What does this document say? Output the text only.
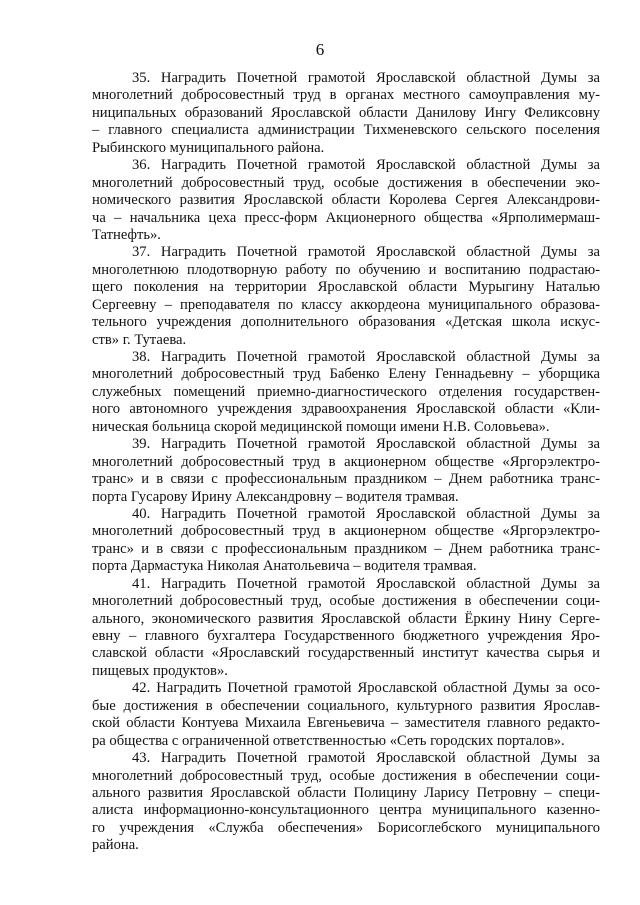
6
35. Наградить Почетной грамотой Ярославской областной Думы за
многолетний добросовестный труд в органах местного самоуправления му-
ниципальных образований Ярославской области Данилову Ингу Феликсовну
– главного специалиста администрации Тихменевского сельского поселения
Рыбинского муниципального района.
36. Наградить Почетной грамотой Ярославской областной Думы за
многолетний добросовестный труд, особые достижения в обеспечении эко-
номического развития Ярославской области Королева Сергея Александрови-
ча – начальника цеха пресс-форм Акционерного общества «Ярполимермаш-
Татнефть».
37. Наградить Почетной грамотой Ярославской областной Думы за
многолетнюю плодотворную работу по обучению и воспитанию подрастаю-
щего поколения на территории Ярославской области Мурыгину Наталью
Сергеевну – преподавателя по классу аккордеона муниципального образова-
тельного учреждения дополнительного образования «Детская школа искус-
ств» г. Тутаева.
38. Наградить Почетной грамотой Ярославской областной Думы за
многолетний добросовестный труд Бабенко Елену Геннадьевну – уборщика
служебных помещений приемно-диагностического отделения государствен-
ного автономного учреждения здравоохранения Ярославской области «Кли-
ническая больница скорой медицинской помощи имени Н.В. Соловьева».
39. Наградить Почетной грамотой Ярославской областной Думы за
многолетний добросовестный труд в акционерном обществе «Яргорэлектро-
транс» и в связи с профессиональным праздником – Днем работника транс-
порта Гусарову Ирину Александровну – водителя трамвая.
40. Наградить Почетной грамотой Ярославской областной Думы за
многолетний добросовестный труд в акционерном обществе «Яргорэлектро-
транс» и в связи с профессиональным праздником – Днем работника транс-
порта Дармастука Николая Анатольевича – водителя трамвая.
41. Наградить Почетной грамотой Ярославской областной Думы за
многолетний добросовестный труд, особые достижения в обеспечении соци-
ального, экономического развития Ярославской области Ёркину Нину Серге-
евну – главного бухгалтера Государственного бюджетного учреждения Яро-
славской области «Ярославский государственный институт качества сырья и
пищевых продуктов».
42. Наградить Почетной грамотой Ярославской областной Думы за осо-
бые достижения в обеспечении социального, культурного развития Ярослав-
ской области Контуева Михаила Евгеньевича – заместителя главного редакто-
ра общества с ограниченной ответственностью «Сеть городских порталов».
43. Наградить Почетной грамотой Ярославской областной Думы за
многолетний добросовестный труд, особые достижения в обеспечении соци-
ального развития Ярославской области Полицину Ларису Петровну – специ-
алиста информационно-консультационного центра муниципального казенно-
го учреждения «Служба обеспечения» Борисоглебского муниципального
района.
